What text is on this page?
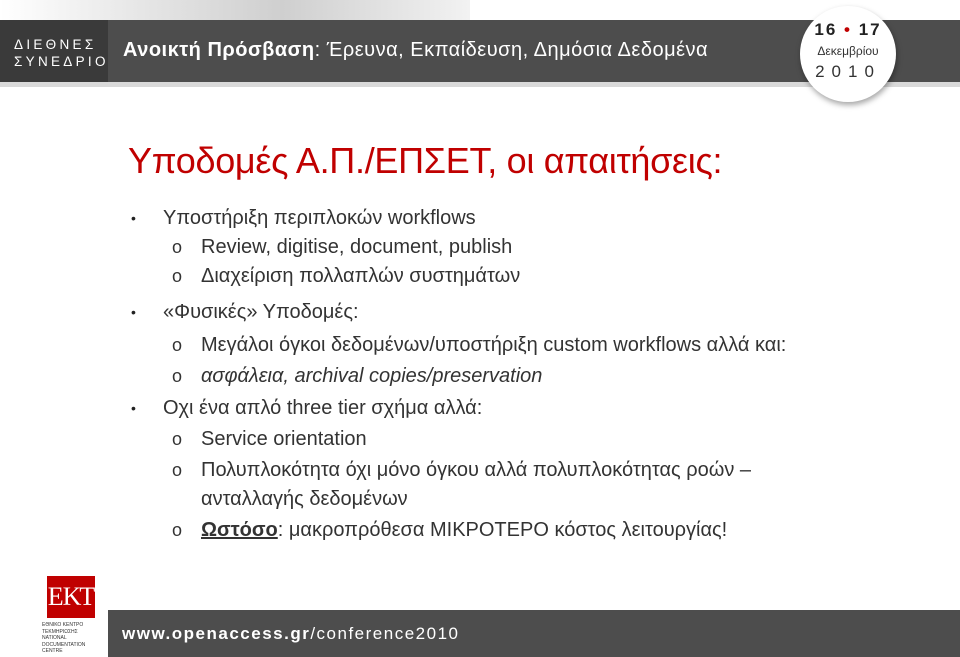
ΔΙΕΘΝΕΣ
ΣΥΝΕΔΡΙΟ
Ανοικτή Πρόσβαση: Έρευνα, Εκπαίδευση, Δημόσια Δεδομένα
16 • 17
Δεκεμβρίου
2010
Υποδομές Α.Π./ΕΠΣΕΤ, οι απαιτήσεις:
• Υποστήριξη περιπλοκών workflows
o Review, digitise, document, publish
o Διαχείριση πολλαπλών συστημάτων
• «Φυσικές» Υποδομές:
o Μεγάλοι όγκοι δεδομένων/υποστήριξη custom workflows αλλά και:
o ασφάλεια, archival copies/preservation
• Οχι ένα απλό three tier σχήμα αλλά:
o Service orientation
o Πολυπλοκότητα όχι μόνο όγκου αλλά πολυπλοκότητας ροών – ανταλλαγής δεδομένων
o Ωστόσο: μακροπρόθεσα ΜΙΚΡΟΤΕΡΟ κόστος λειτουργίας!
ΕΚΤ
ΕΘΝΙΚΟ ΚΕΝΤΡΟ
ΤΕΚΜΗΡΙΩΣΗΣ
NATIONAL
DOCUMENTATION
CENTRE
www.openaccess.gr/conference2010
